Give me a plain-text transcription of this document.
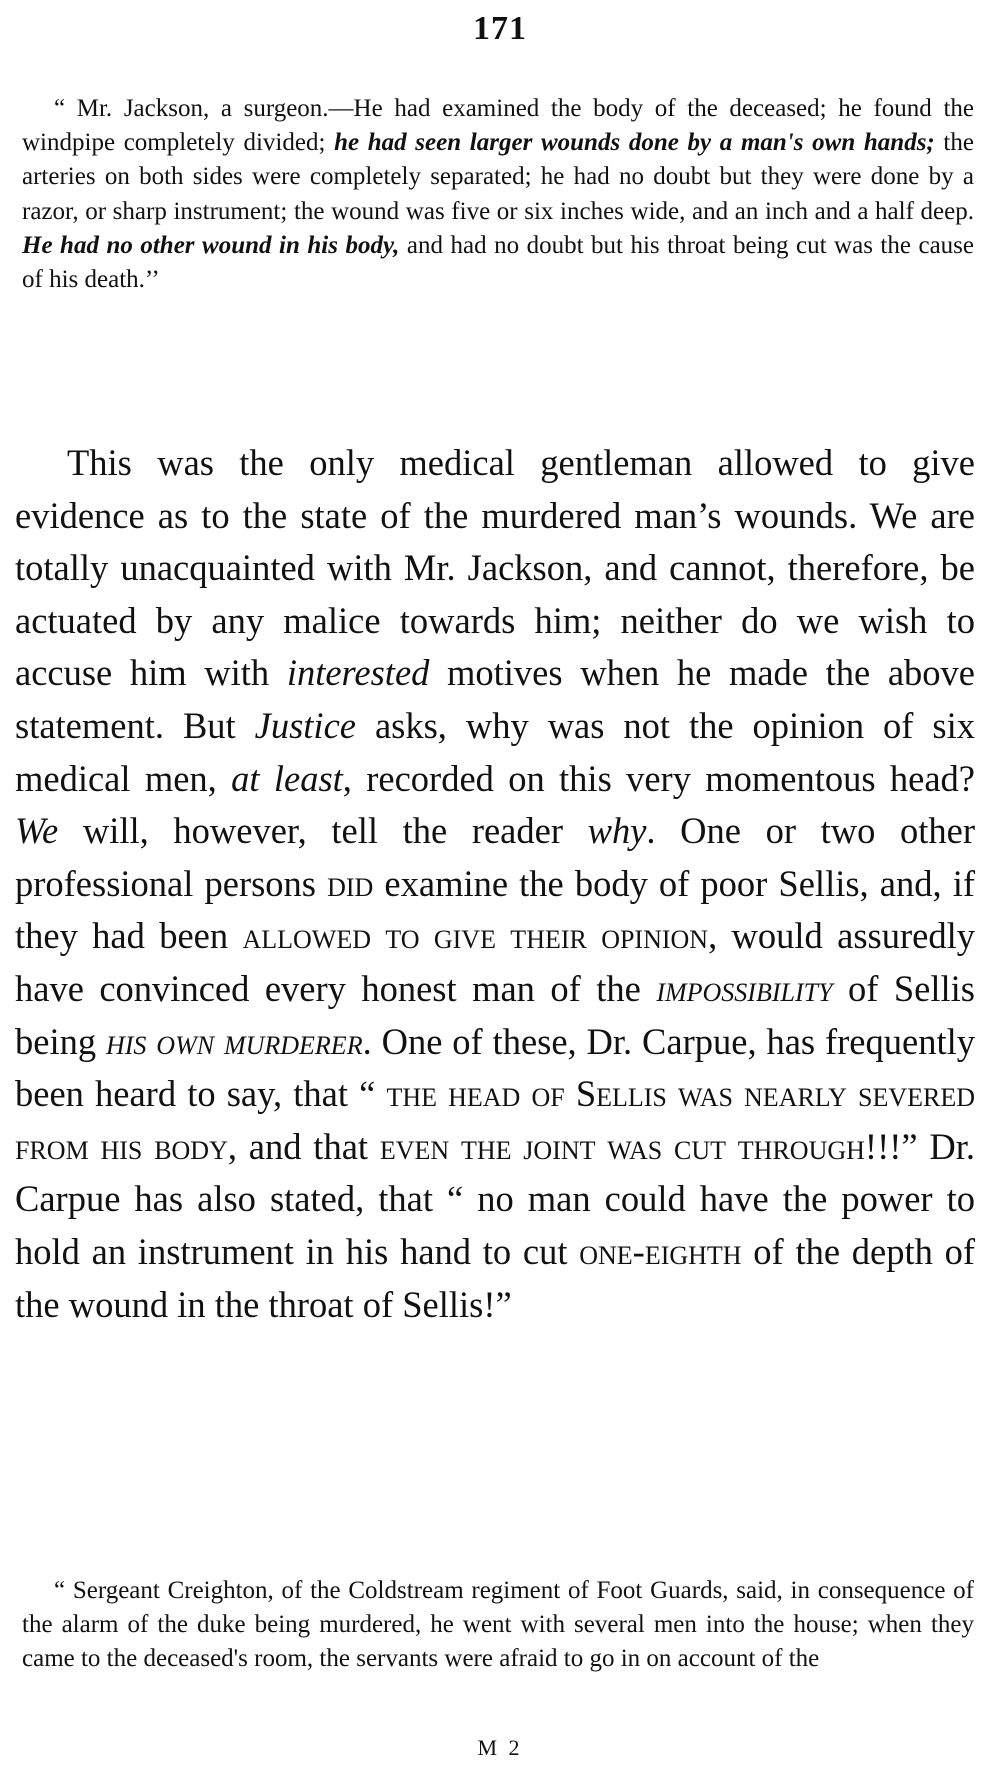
171

“ Mr. Jackson, a surgeon.—He had examined the body of the deceased; he found the windpipe completely divided; he had seen larger wounds done by a man's own hands; the arteries on both sides were completely separated; he had no doubt but they were done by a razor, or sharp instrument; the wound was five or six inches wide, and an inch and a half deep. He had no other wound in his body, and had no doubt but his throat being cut was the cause of his death.’’

This was the only medical gentleman allowed to give evidence as to the state of the murdered man’s wounds. We are totally unacquainted with Mr. Jackson, and cannot, therefore, be actuated by any malice towards him; neither do we wish to accuse him with interested motives when he made the above statement. But Justice asks, why was not the opinion of six medical men, at least, recorded on this very momentous head? We will, however, tell the reader why. One or two other professional persons did examine the body of poor Sellis, and, if they had been allowed to give their opinion, would assuredly have convinced every honest man of the impossibility of Sellis being his own murderer. One of these, Dr. Carpue, has frequently been heard to say, that “ the head of Sellis was nearly severed from his body, and that even the joint was cut through!!!” Dr. Carpue has also stated, that “ no man could have the power to hold an instrument in his hand to cut one-eighth of the depth of the wound in the throat of Sellis!”

“ Sergeant Creighton, of the Coldstream regiment of Foot Guards, said, in consequence of the alarm of the duke being murdered, he went with several men into the house; when they came to the deceased's room, the servants were afraid to go in on account of the

M 2
